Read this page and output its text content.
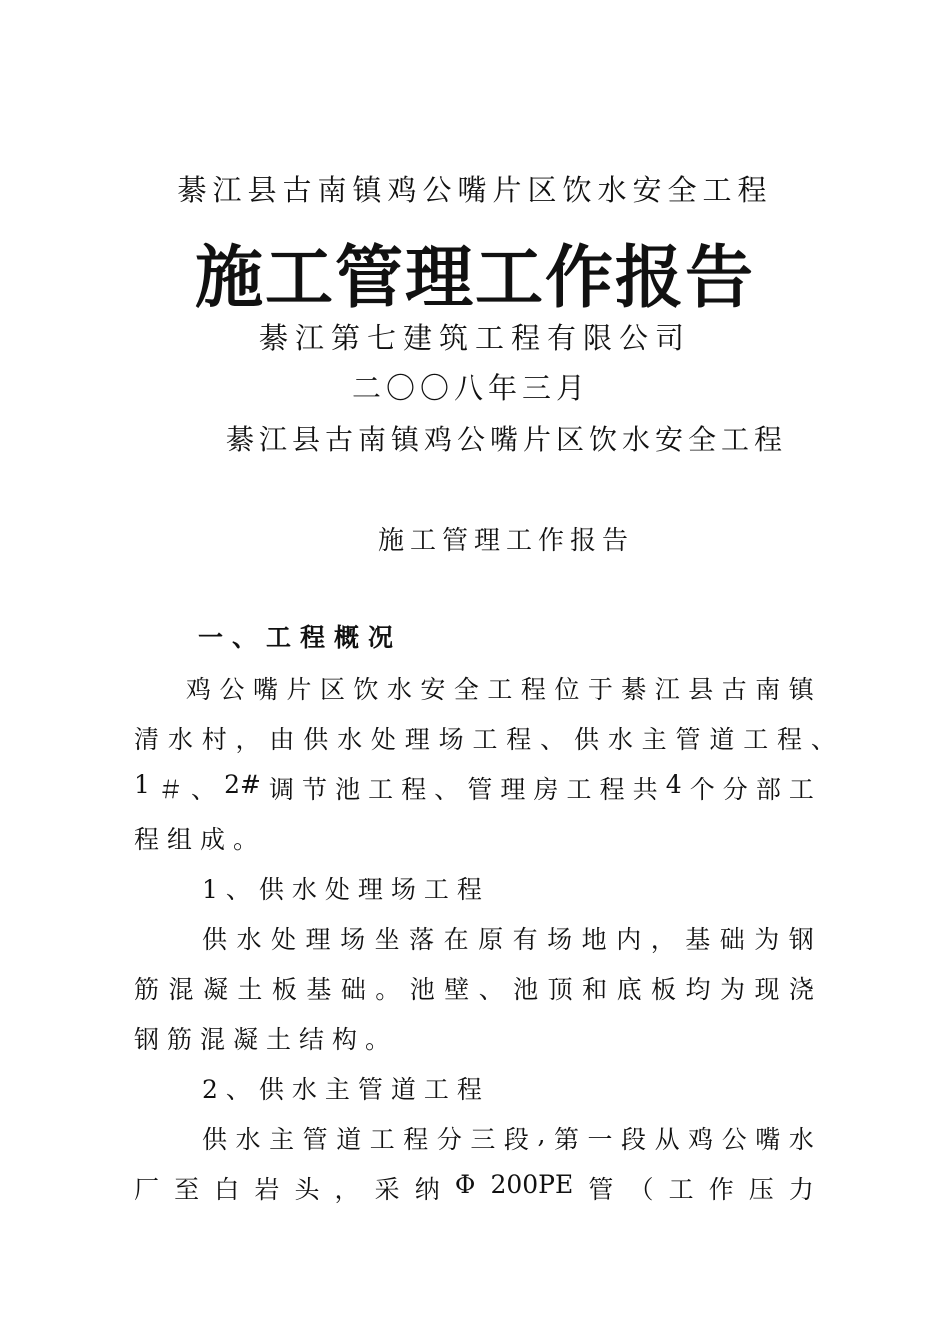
綦江县古南镇鸡公嘴片区饮水安全工程
施工管理工作报告
綦江第七建筑工程有限公司
二〇〇八年三月
綦江县古南镇鸡公嘴片区饮水安全工程
施工管理工作报告
一、工程概况
鸡 公 嘴 片 区 饮 水 安 全 工 程 位 于 綦 江 县 古 南 镇
清 水 村 ， 由 供 水 处 理 场 工 程 、 供 水 主 管 道 工 程 、
1 ＃ 、 2# 调 节 池 工 程 、 管 理 房 工 程 共 4 个 分 部 工
程组成。
1、供水处理场工程
供 水 处 理 场 坐 落 在 原 有 场 地 内 ， 基 础 为 钢
筋 混 凝 土 板 基 础 。 池 壁 、 池 顶 和 底 板 均 为 现 浇
钢筋混凝土结构。
2、供水主管道工程
供 水 主 管 道 工 程 分 三 段 , 第 一 段 从 鸡 公 嘴 水
厂 至 白 岩 头 ， 采 纳 Φ 200PE 管 （ 工 作 压 力
